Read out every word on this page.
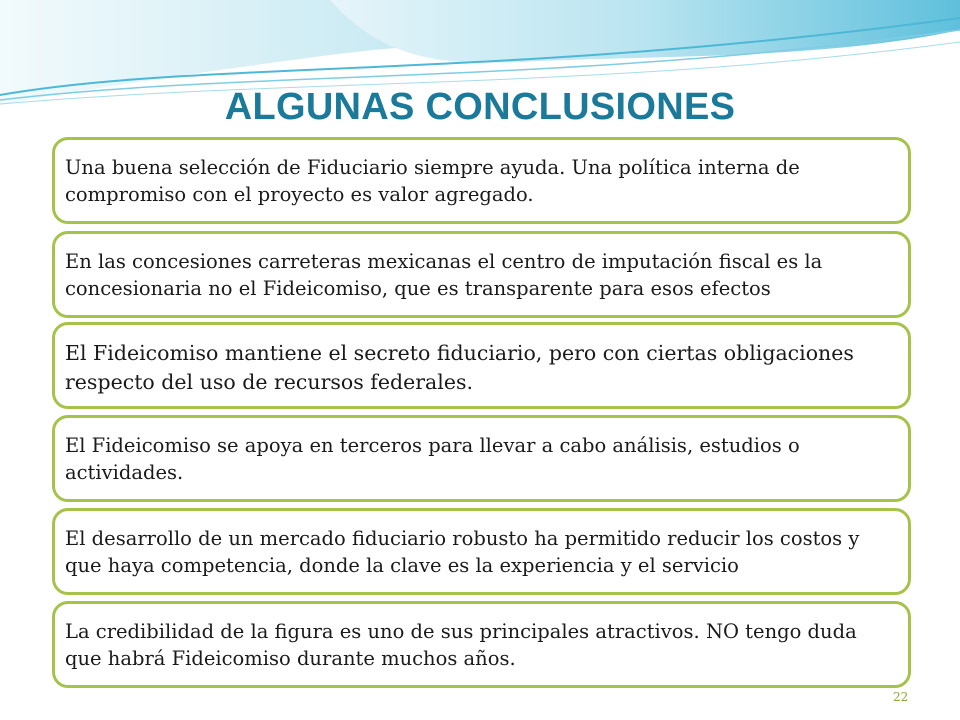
ALGUNAS CONCLUSIONES
Una buena selección de Fiduciario siempre ayuda. Una política interna de compromiso con el proyecto es valor agregado.
En las concesiones carreteras mexicanas el centro de imputación fiscal es la concesionaria no el Fideicomiso, que es transparente para esos efectos
El Fideicomiso mantiene el secreto fiduciario, pero con ciertas obligaciones respecto del uso de recursos federales.
El Fideicomiso se apoya en terceros para llevar a cabo análisis, estudios o actividades.
El desarrollo de un mercado fiduciario robusto ha permitido reducir los costos y que haya competencia, donde la clave es la experiencia y el servicio
La credibilidad de la figura es uno de sus principales atractivos. NO tengo duda que habrá Fideicomiso durante muchos años.
22
